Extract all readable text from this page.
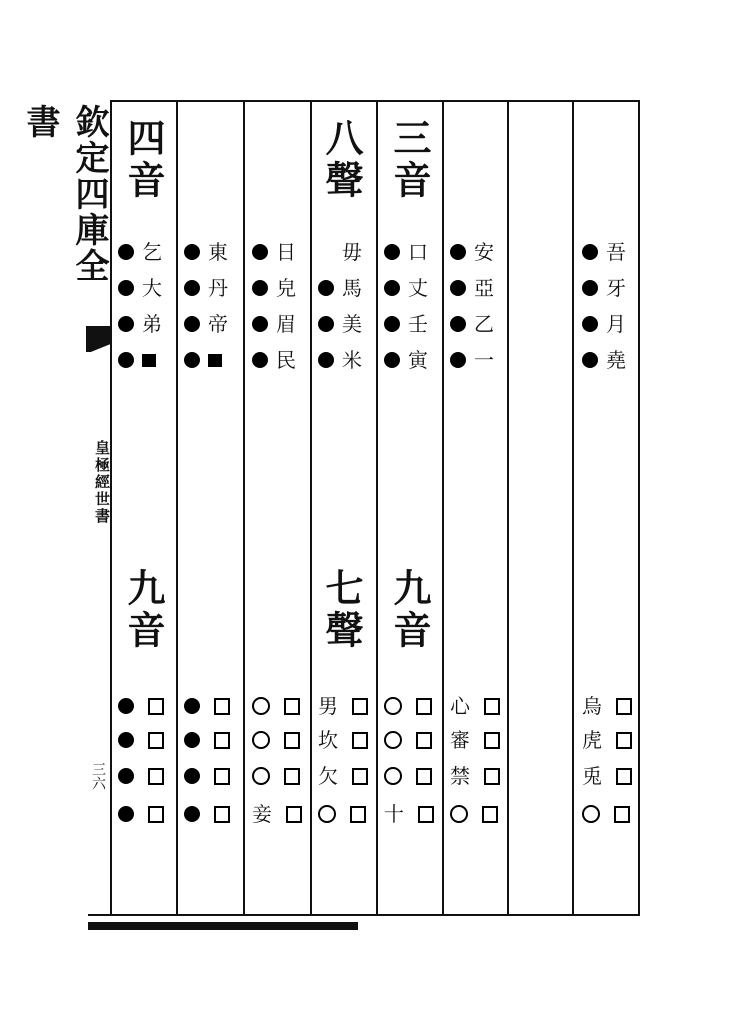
欽定四庫全書
皇極經世書
三六
四音	八聲 三音
九音	七聲 九音
乞
大
弟
東
丹
帝
日
皃
眉
民
毋
馬
美
米
口
丈
壬
寅
安
亞
乙
一
吾
牙
月
堯
妾
男
坎
欠
十
心
審
禁
烏
虎
兎
